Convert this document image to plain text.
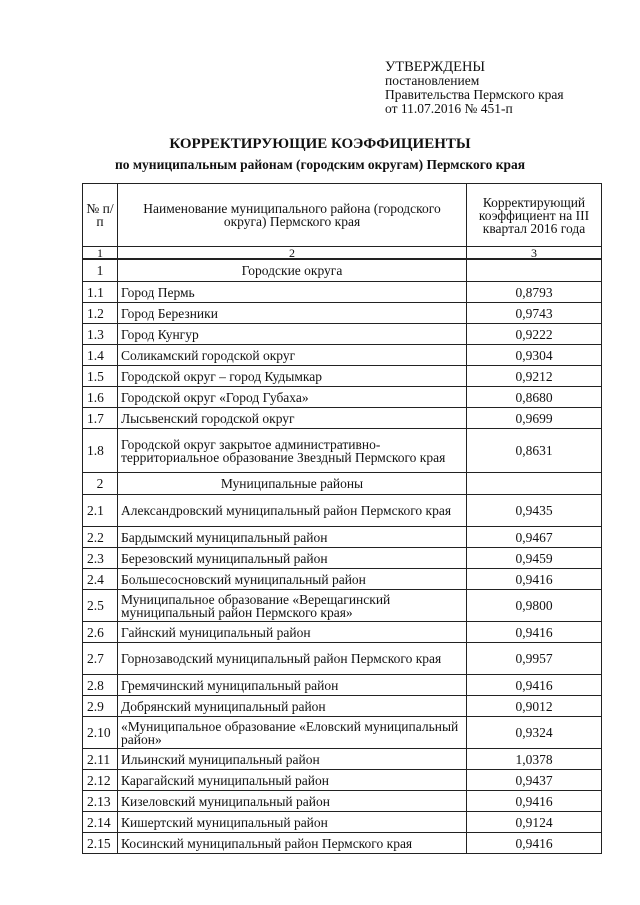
УТВЕРЖДЕНЫ
постановлением
Правительства Пермского края
от 11.07.2016 № 451-п
КОРРЕКТИРУЮЩИЕ КОЭФФИЦИЕНТЫ
по муниципальным районам (городским округам) Пермского края
№ п/п	Наименование муниципального района (городского округа) Пермского края	Корректирующий коэффициент на III квартал 2016 года
1	2	3
1	Городские округа	
1.1	Город Пермь	0,8793
1.2	Город Березники	0,9743
1.3	Город Кунгур	0,9222
1.4	Соликамский городской округ	0,9304
1.5	Городской округ – город Кудымкар	0,9212
1.6	Городской округ «Город Губаха»	0,8680
1.7	Лысьвенский городской округ	0,9699
1.8	Городской округ закрытое административно-территориальное образование Звездный Пермского края	0,8631
2	Муниципальные районы	
2.1	Александровский муниципальный район Пермского края	0,9435
2.2	Бардымский муниципальный район	0,9467
2.3	Березовский муниципальный район	0,9459
2.4	Большесосновский муниципальный район	0,9416
2.5	Муниципальное образование «Верещагинский муниципальный район Пермского края»	0,9800
2.6	Гайнский муниципальный район	0,9416
2.7	Горнозаводский муниципальный район Пермского края	0,9957
2.8	Гремячинский муниципальный район	0,9416
2.9	Добрянский муниципальный район	0,9012
2.10	«Муниципальное образование «Еловский муниципальный район»	0,9324
2.11	Ильинский муниципальный район	1,0378
2.12	Карагайский муниципальный район	0,9437
2.13	Кизеловский муниципальный район	0,9416
2.14	Кишертский муниципальный район	0,9124
2.15	Косинский муниципальный район Пермского края	0,9416
